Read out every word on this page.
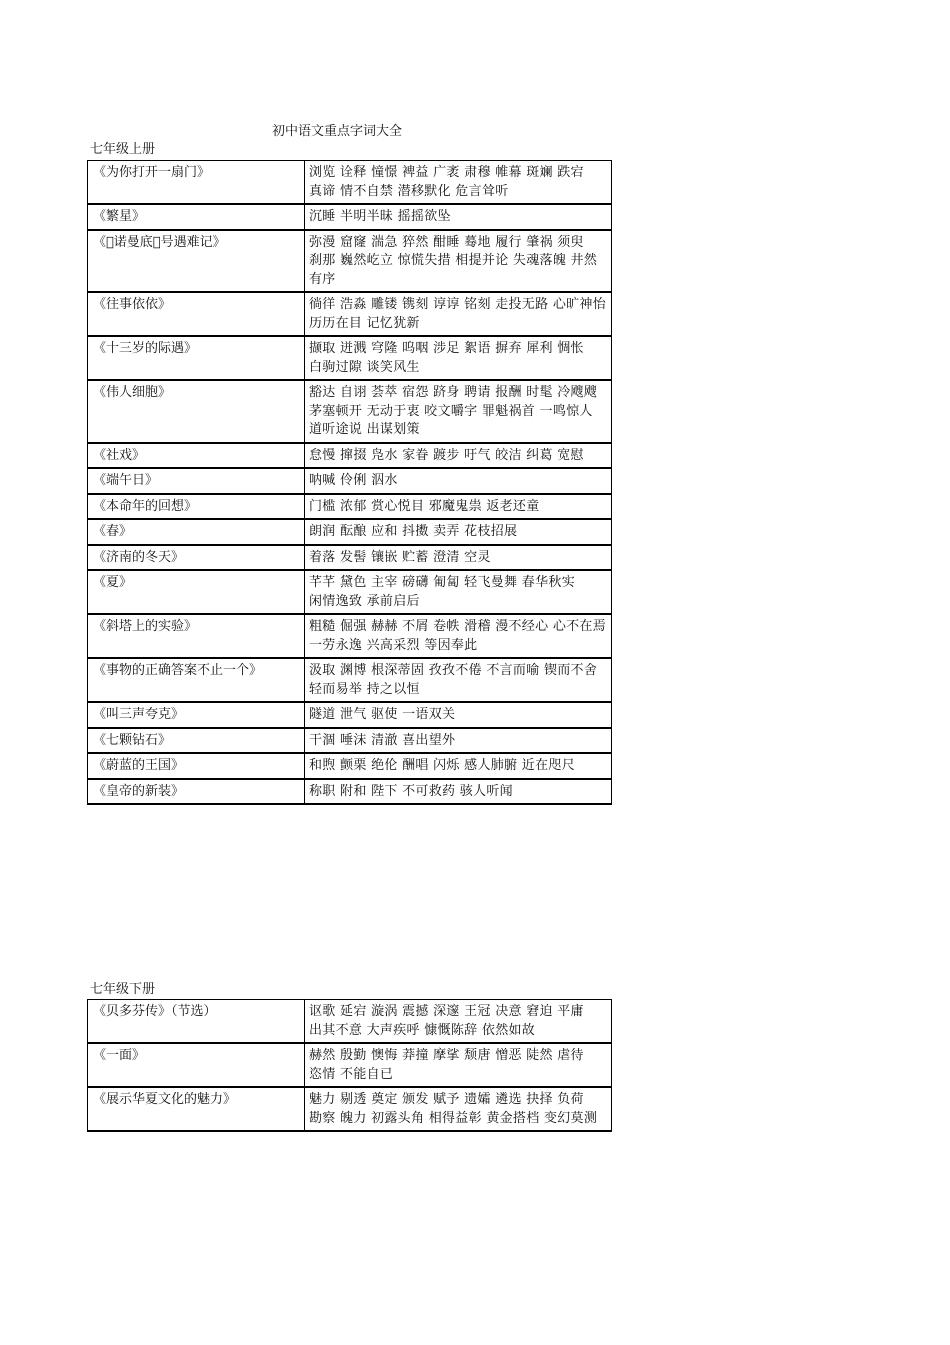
初中语文重点字词大全
七年级上册
《为你打开一扇门》	浏览 诠释 憧憬 裨益 广袤 肃穆 帷幕 斑斓 跌宕
真谛 情不自禁 潜移默化 危言耸听

《繁星》	沉睡 半明半昧 摇摇欲坠

《 诺曼底 号遇难记》	弥漫 窟窿 湍急 猝然 酣睡 蓦地 履行 肇祸 须臾
刹那 巍然屹立 惊慌失措 相提并论 失魂落魄 井然有序

《往事依依》	徜徉 浩淼 雕镂 镌刻 谆谆 铭刻 走投无路 心旷神怡
历历在目 记忆犹新

《十三岁的际遇》	撷取 迸溅 穹隆 呜咽 涉足 絮语 摒弃 犀利 惆怅
白驹过隙 谈笑风生

《伟人细胞》	豁达 自诩 荟萃 宿怨 跻身 聘请 报酬 时髦 冷飕飕
茅塞顿开 无动于衷 咬文嚼字 罪魁祸首 一鸣惊人
道听途说 出谋划策

《社戏》	怠慢 撺掇 凫水 家眷 踱步 吁气 皎洁 纠葛 宽慰

《端午日》	呐喊 伶俐 泅水

《本命年的回想》	门槛 浓郁 赏心悦目 邪魔鬼祟 返老还童

《春》	朗润 酝酿 应和 抖擞 卖弄 花枝招展

《济南的冬天》	着落 发髻 镶嵌 贮蓄 澄清 空灵

《夏》	芊芊 黛色 主宰 磅礴 匍匐 轻飞曼舞 春华秋实
闲情逸致 承前启后

《斜塔上的实验》	粗糙 倔强 赫赫 不屑 卷帙 滑稽 漫不经心 心不在焉
一劳永逸 兴高采烈 等因奉此

《事物的正确答案不止一个》	汲取 渊博 根深蒂固 孜孜不倦 不言而喻 锲而不舍
轻而易举 持之以恒

《叫三声夸克》	隧道 泄气 驱使 一语双关

《七颗钻石》	干涸 唾沫 清澈 喜出望外

《蔚蓝的王国》	和煦 颤栗 绝伦 酬唱 闪烁 感人肺腑 近在咫尺

《皇帝的新装》	称职 附和 陛下 不可救药 骇人听闻
七年级下册
《贝多芬传》（节选）	讴歌 延宕 漩涡 震撼 深邃 王冠 决意 窘迫 平庸
出其不意 大声疾呼 慷慨陈辞 依然如故

《一面》	赫然 殷勤 懊悔 莽撞 摩挲 颓唐 憎恶 陡然 虐待
恣情 不能自已

《展示华夏文化的魅力》	魅力 剔透 奠定 颁发 赋予 遗孀 遴选 抉择 负荷
勘察 魄力 初露头角 相得益彰 黄金搭档 变幻莫测
